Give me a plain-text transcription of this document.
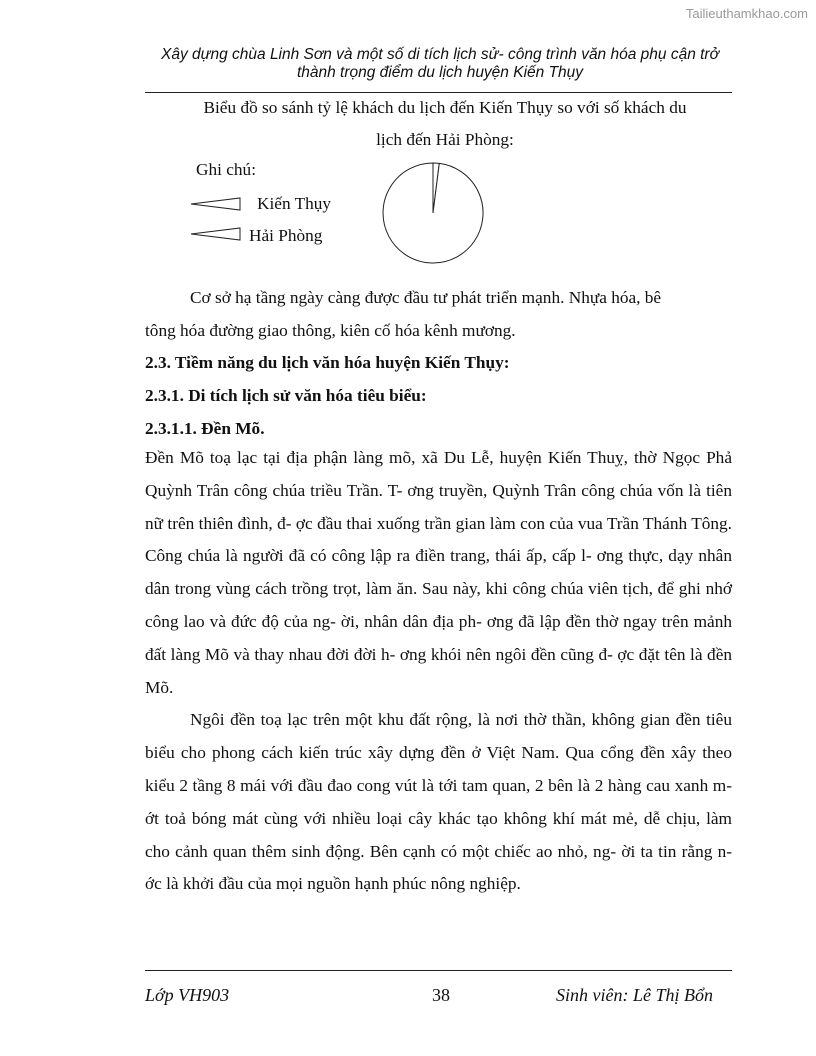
Tailieuthamkhao.com
Xây dựng chùa Linh Sơn và một số di tích lịch sử- công trình văn hóa phụ cận trở
thành trọng điểm du lịch huyện Kiến Thụy
Biểu đồ so sánh tỷ lệ khách du lịch đến Kiến Thụy so với số khách du
lịch đến Hải Phòng:
Ghi chú:
Kiến Thụy
Hải Phòng
Cơ sở hạ tầng ngày càng được đầu tư phát triển mạnh. Nhựa hóa, bê
tông hóa đường giao thông, kiên cố hóa kênh mương.
2.3. Tiềm năng du lịch văn hóa huyện Kiến Thụy:
2.3.1. Di tích lịch sử văn hóa tiêu biểu:
2.3.1.1. Đền Mõ.

Đền Mõ toạ lạc tại địa phận làng mõ, xã Du Lễ, huyện Kiến Thuỵ, thờ Ngọc Phả Quỳnh Trân công chúa triều Trần. T- ơng truyền, Quỳnh Trân công chúa vốn là tiên nữ trên thiên đình, đ- ợc đầu thai xuống trần gian làm con của vua Trần Thánh Tông. Công chúa là người đã có công lập ra điền trang, thái ấp, cấp l- ơng thực, dạy nhân dân trong vùng cách trồng trọt, làm ăn. Sau này, khi công chúa viên tịch, để ghi nhớ công lao và đức độ của ng- ời, nhân dân địa ph- ơng đã lập đền thờ ngay trên mảnh đất làng Mõ và thay nhau đời đời h- ơng khói nên ngôi đền cũng đ- ợc đặt tên là đền Mõ.

Ngôi đền toạ lạc trên một khu đất rộng, là nơi thờ thần, không gian đền tiêu biểu cho phong cách kiến trúc xây dựng đền ở Việt Nam. Qua cổng đền xây theo kiểu 2 tầng 8 mái với đầu đao cong vút là tới tam quan, 2 bên là 2 hàng cau xanh m- ớt toả bóng mát cùng với nhiều loại cây khác tạo không khí mát mẻ, dễ chịu, làm cho cảnh quan thêm sinh động. Bên cạnh có một chiếc ao nhỏ, ng- ời ta tin rằng n- ớc là khởi đầu của mọi nguồn hạnh phúc nông nghiệp.

Lớp VH903	38	Sinh viên: Lê Thị Bổn
